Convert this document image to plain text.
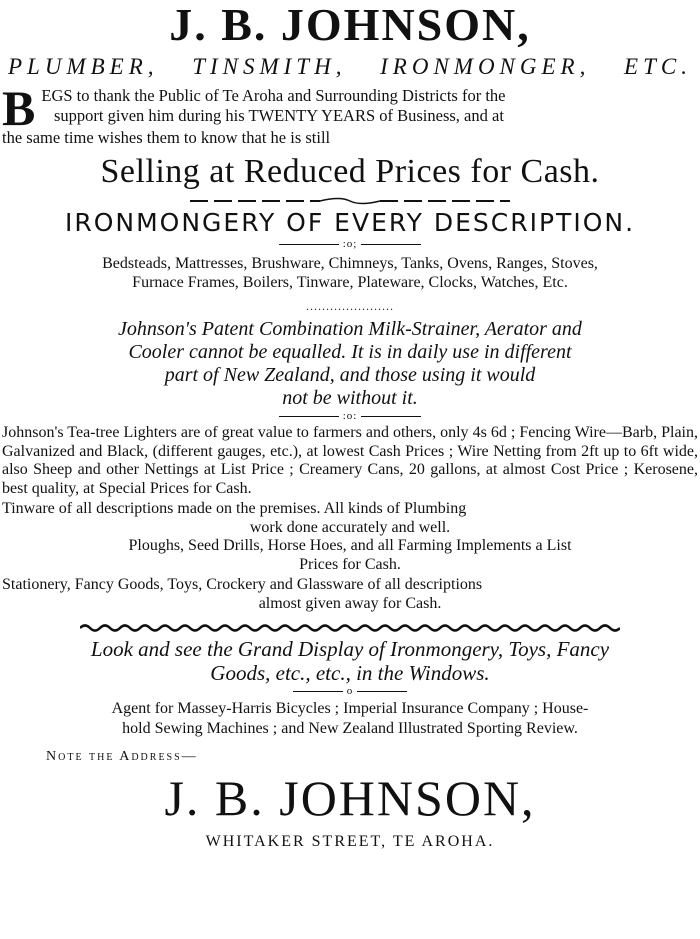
J. B. JOHNSON,
PLUMBER, TINSMITH, IRONMONGER, ETC.
B EGS to thank the Public of Te Aroha and Surrounding Districts for the
support given him during his TWENTY YEARS of Business, and at
the same time wishes them to know that he is still
Selling at Reduced Prices for Cash.
IRONMONGERY OF EVERY DESCRIPTION.
:o;
Bedsteads, Mattresses, Brushware, Chimneys, Tanks, Ovens, Ranges, Stoves,
Furnace Frames, Boilers, Tinware, Plateware, Clocks, Watches, Etc.
......................
Johnson's Patent Combination Milk-Strainer, Aerator and
Cooler cannot be equalled. It is in daily use in different
part of New Zealand, and those using it would
not be without it.
:o:
Johnson's Tea-tree Lighters are of great value to farmers and others, only 4s 6d ; Fencing Wire—Barb, Plain, Galvanized and Black, (different gauges, etc.), at lowest Cash Prices ; Wire Netting from 2ft up to 6ft wide, also Sheep and other Nettings at List Price ; Creamery Cans, 20 gallons, at almost Cost Price ; Kerosene, best quality, at Special Prices for Cash.
Tinware of all descriptions made on the premises. All kinds of Plumbing
work done accurately and well.
Ploughs, Seed Drills, Horse Hoes, and all Farming Implements a List
Prices for Cash.
Stationery, Fancy Goods, Toys, Crockery and Glassware of all descriptions
almost given away for Cash.
Look and see the Grand Display of Ironmongery, Toys, Fancy
Goods, etc., etc., in the Windows.
o
Agent for Massey-Harris Bicycles ; Imperial Insurance Company ; House-
hold Sewing Machines ; and New Zealand Illustrated Sporting Review.
Note the Address—
J. B. JOHNSON,
WHITAKER STREET, TE AROHA.
